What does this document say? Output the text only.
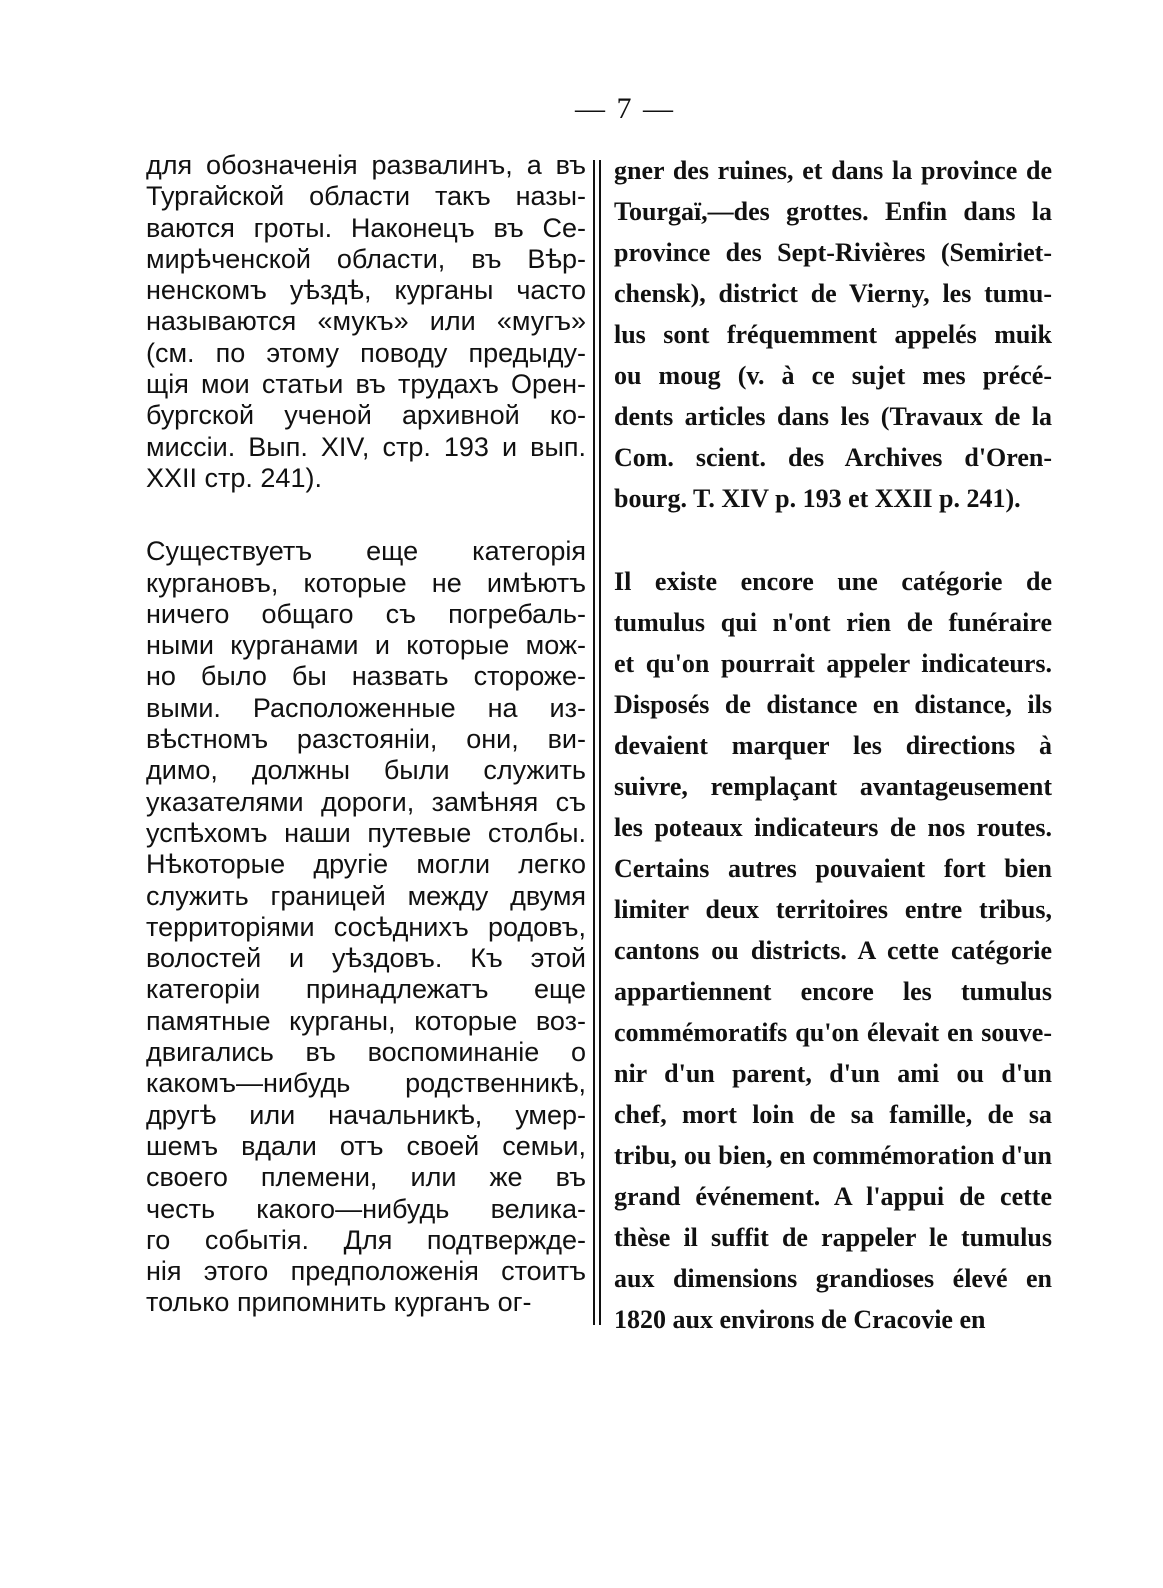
— 7 —
для обозначенія развалинъ, а въ
Тургайской области такъ назы-
ваются гроты. Наконецъ въ Се-
мирѣченской области, въ Вѣр-
ненскомъ уѣздѣ, курганы часто
называются «мукъ» или «мугъ»
(см. по этому поводу предыду-
щія мои статьи въ трудахъ Орен-
бургской ученой архивной ко-
миссіи. Вып. XIV, стр. 193 и вып.
XXII стр. 241).
Существуетъ еще категорія
кургановъ, которые не имѣютъ
ничего общаго съ погребаль-
ными курганами и которые мож-
но было бы назвать стороже-
выми. Расположенные на из-
вѣстномъ разстояніи, они, ви-
димо, должны были служить
указателями дороги, замѣняя съ
успѣхомъ наши путевые столбы.
Нѣкоторые другіе могли легко
служить границей между двумя
территоріями сосѣднихъ родовъ,
волостей и уѣздовъ. Къ этой
категоріи принадлежатъ еще
памятные курганы, которые воз-
двигались въ воспоминаніе о
какомъ—нибудь родственникѣ,
другѣ или начальникѣ, умер-
шемъ вдали отъ своей семьи,
своего племени, или же въ
честь какого—нибудь велика-
го событія. Для подтвержде-
нія этого предположенія стоитъ
только припомнить курганъ ог-
gner des ruines, et dans la province de
Tourgaï,—des grottes. Enfin dans la
province des Sept-Rivières (Semiriet-
chensk), district de Vierny, les tumu-
lus sont fréquemment appelés muik
ou moug (v. à ce sujet mes précé-
dents articles dans les (Travaux de la
Com. scient. des Archives d'Oren-
bourg. T. XIV p. 193 et XXII p. 241).
Il existe encore une catégorie de
tumulus qui n'ont rien de funéraire
et qu'on pourrait appeler indicateurs.
Disposés de distance en distance, ils
devaient marquer les directions à
suivre, remplaçant avantageusement
les poteaux indicateurs de nos routes.
Certains autres pouvaient fort bien
limiter deux territoires entre tribus,
cantons ou districts. A cette catégorie
appartiennent encore les tumulus
commémoratifs qu'on élevait en souve-
nir d'un parent, d'un ami ou d'un
chef, mort loin de sa famille, de sa
tribu, ou bien, en commémoration d'un
grand événement. A l'appui de cette
thèse il suffit de rappeler le tumulus
aux dimensions grandioses élevé en
1820 aux environs de Cracovie en
